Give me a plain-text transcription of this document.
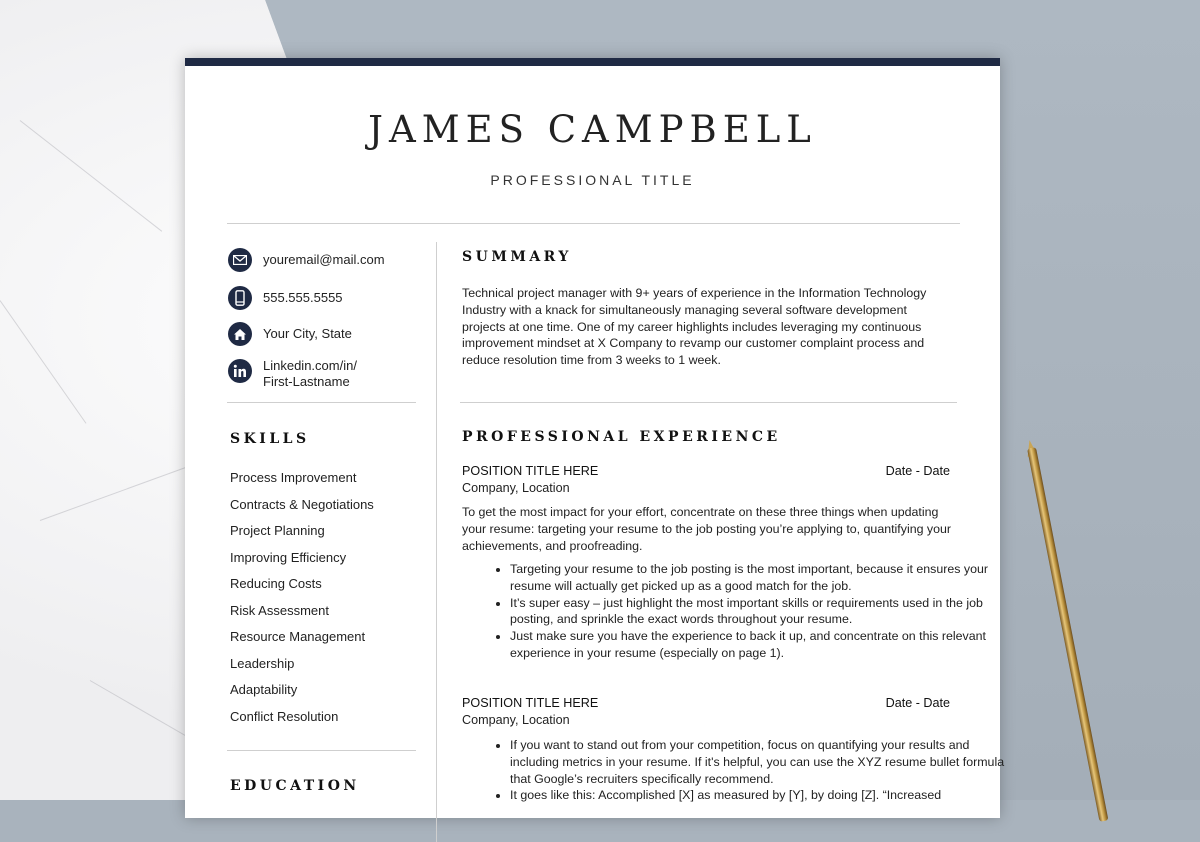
JAMES CAMPBELL
PROFESSIONAL TITLE
youremail@mail.com
555.555.5555
Your City, State
Linkedin.com/in/
First-Lastname
SKILLS
Process Improvement
Contracts & Negotiations
Project Planning
Improving Efficiency
Reducing Costs
Risk Assessment
Resource Management
Leadership
Adaptability
Conflict Resolution
EDUCATION
SUMMARY
Technical project manager with 9+ years of experience in the Information Technology Industry with a knack for simultaneously managing several software development projects at one time. One of my career highlights includes leveraging my continuous improvement mindset at X Company to revamp our customer complaint process and reduce resolution time from 3 weeks to 1 week.
PROFESSIONAL EXPERIENCE
POSITION TITLE HERE	Date - Date
Company, Location
To get the most impact for your effort, concentrate on these three things when updating your resume: targeting your resume to the job posting you’re applying to, quantifying your achievements, and proofreading.
• Targeting your resume to the job posting is the most important, because it ensures your resume will actually get picked up as a good match for the job.
• It’s super easy – just highlight the most important skills or requirements used in the job posting, and sprinkle the exact words throughout your resume.
• Just make sure you have the experience to back it up, and concentrate on this relevant experience in your resume (especially on page 1).
POSITION TITLE HERE	Date - Date
Company, Location
• If you want to stand out from your competition, focus on quantifying your results and including metrics in your resume. If it's helpful, you can use the XYZ resume bullet formula that Google’s recruiters specifically recommend.
• It goes like this: Accomplished [X] as measured by [Y], by doing [Z]. “Increased
